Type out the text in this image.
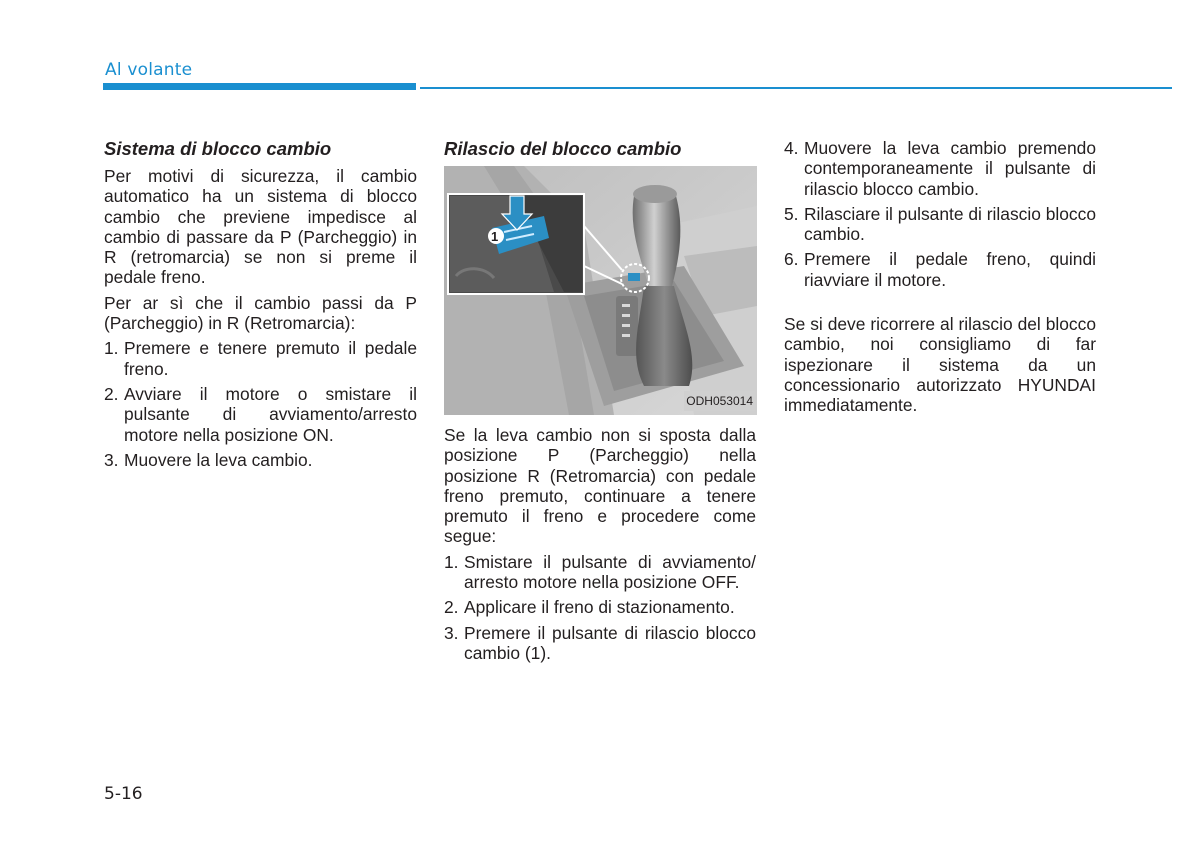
Al volante
Sistema di blocco cambio
Per motivi di sicurezza, il cambio automatico ha un sistema di blocco cambio che previene impedisce al cambio di passare da P (Parcheggio) in R (retromarcia) se non si preme il pedale freno.
Per ar sì che il cambio passi da P (Parcheggio) in R (Retromarcia):
1. Premere e tenere premuto il pedale freno.
2. Avviare il motore o smistare il pulsante di avviamento/arresto motore nella posizione ON.
3. Muovere la leva cambio.
Rilascio del blocco cambio
1
ODH053014
Se la leva cambio non si sposta dalla posizione P (Parcheggio) nella posizione R (Retromarcia) con pedale freno premuto, continuare a tenere premuto il freno e procedere come segue:
1. Smistare il pulsante di avviamento/ arresto motore nella posizione OFF.
2. Applicare il freno di stazionamento.
3. Premere il pulsante di rilascio blocco cambio (1).
4. Muovere la leva cambio premendo contemporaneamente il pulsante di rilascio blocco cambio.
5. Rilasciare il pulsante di rilascio blocco cambio.
6. Premere il pedale freno, quindi riavviare il motore.
Se si deve ricorrere al rilascio del blocco cambio, noi consigliamo di far ispezionare il sistema da un concessionario autorizzato HYUNDAI immediatamente.
5-16
